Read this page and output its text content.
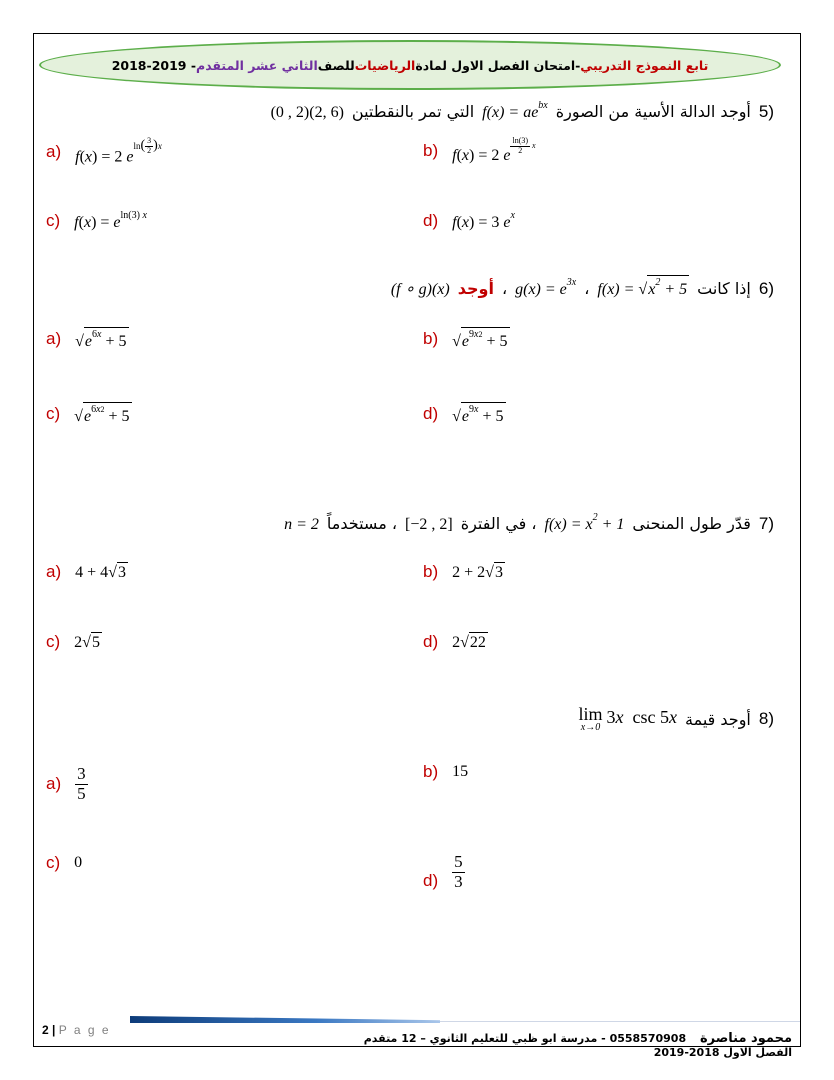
تابع النموذج التدريبي
-امتحان الفصل الاول لمادة
الرياضيات
للصف
الثاني عشر المتقدم
- 2018-2019
5)
أوجد الدالة الأسية من الصورة
$f(x) = ae^{bx}$
التي تمر بالنقطتين
(0 , 2)(2, 6)
a) f(x) = 2 $e^{ln ( \frac{3}{2} ) x}$	b) f(x) = 2 e
$^{\frac{\ln(3)}{2} x}$
c) $f(x) = e^{ln(3) x}$	d) f(x) = 3 $e^x$
6)
إذا كانت
$f(x) = √x^2 + 5$
،
$g(x) = e^{3x}$
،
أوجد
(f ∘ g)(x)
a) $√e^{6x} + 5$	b) $√e^{9x2} + 5$
c) $√e^{6x2} + 5$	d) $√e^{9x} + 5$
7)
قدّر طول المنحنى
$f(x) = x^2 + 1$
، في الفترة
[−2 , 2]
، مستخدماً
n = 2
a) 4 + 4√3	b) 2 + 2√3
c) 2√5	d) 2√22
8)
أوجد قيمة
lim
x→0
3x  csc 5x
$a) \frac{3}{5}$	b) 15
c) 0
$d) \frac{5}{3}$
2 | P a g e
محمود مناصرة 0558570908 - مدرسة ابو ظبي للتعليم الثانوي – 12 متقدم
الفصل الاول 2018-2019
